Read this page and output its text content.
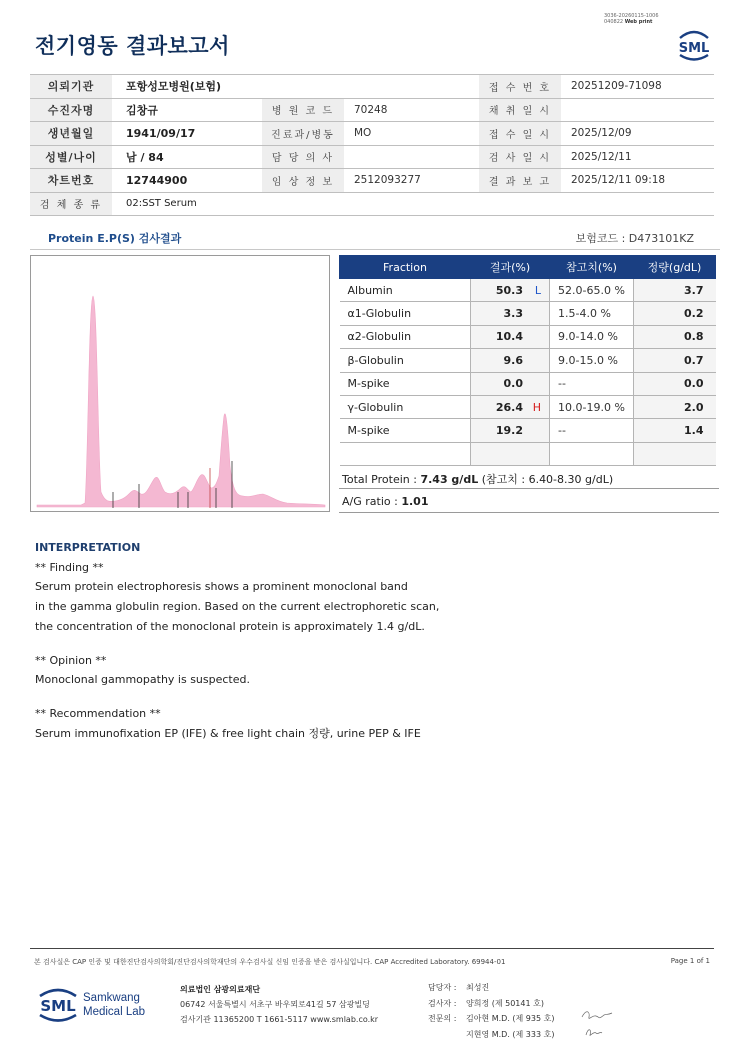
3036-20260115-1006
040822 Web print
전기영동 결과보고서	SML
의뢰기관	포항성모병원(보험)			접 수 번 호	20251209-71098
수진자명	김창규	병 원 코 드	70248	채 취 일 시	
생년월일	1941/09/17	진료과/병동	MO	접 수 일 시	2025/12/09
성별/나이	남 / 84	담 당 의 사		검 사 일 시	2025/12/11
차트번호	12744900	임 상 정 보	2512093277	결 과 보 고	2025/12/11 09:18
검 체 종 류	02:SST Serum				
Protein E.P(S) 검사결과	보험코드 : D473101KZ
Fraction	결과(%)	참고치(%)	정량(g/dL)
Albumin	50.3 L	52.0-65.0 %	3.7
α1-Globulin	3.3	1.5-4.0 %	0.2
α2-Globulin	10.4	9.0-14.0 %	0.8
β-Globulin	9.6	9.0-15.0 %	0.7
M-spike	0.0	--	0.0
γ-Globulin	26.4 H	10.0-19.0 %	2.0
M-spike	19.2	--	1.4

Total Protein : 7.43 g/dL (참고치 : 6.40-8.30 g/dL)
A/G ratio : 1.01
INTERPRETATION
** Finding **
Serum protein electrophoresis shows a prominent monoclonal band
in the gamma globulin region. Based on the current electrophoretic scan,
the concentration of the monoclonal protein is approximately 1.4 g/dL.
** Opinion **
Monoclonal gammopathy is suspected.
** Recommendation **
Serum immunofixation EP (IFE) & free light chain 정량, urine PEP & IFE
본 검사실은 CAP 인증 및 대한진단검사의학회/진단검사의학재단의 우수검사실 신임 인증을 받은 검사실입니다. CAP Accredited Laboratory. 69944-01	Page 1 of 1
SML Samkwang
Medical Lab
의료법인 삼광의료재단
06742 서울특별시 서초구 바우뫼로41길 57 삼광빌딩
검사기관 11365200 T 1661-5117 www.smlab.co.kr
담당자 :	최성진
검사자 :	양희정 (제 50141 호)
전문의 :	김아현 M.D. (제 935 호)
지현영 M.D. (제 333 호)
